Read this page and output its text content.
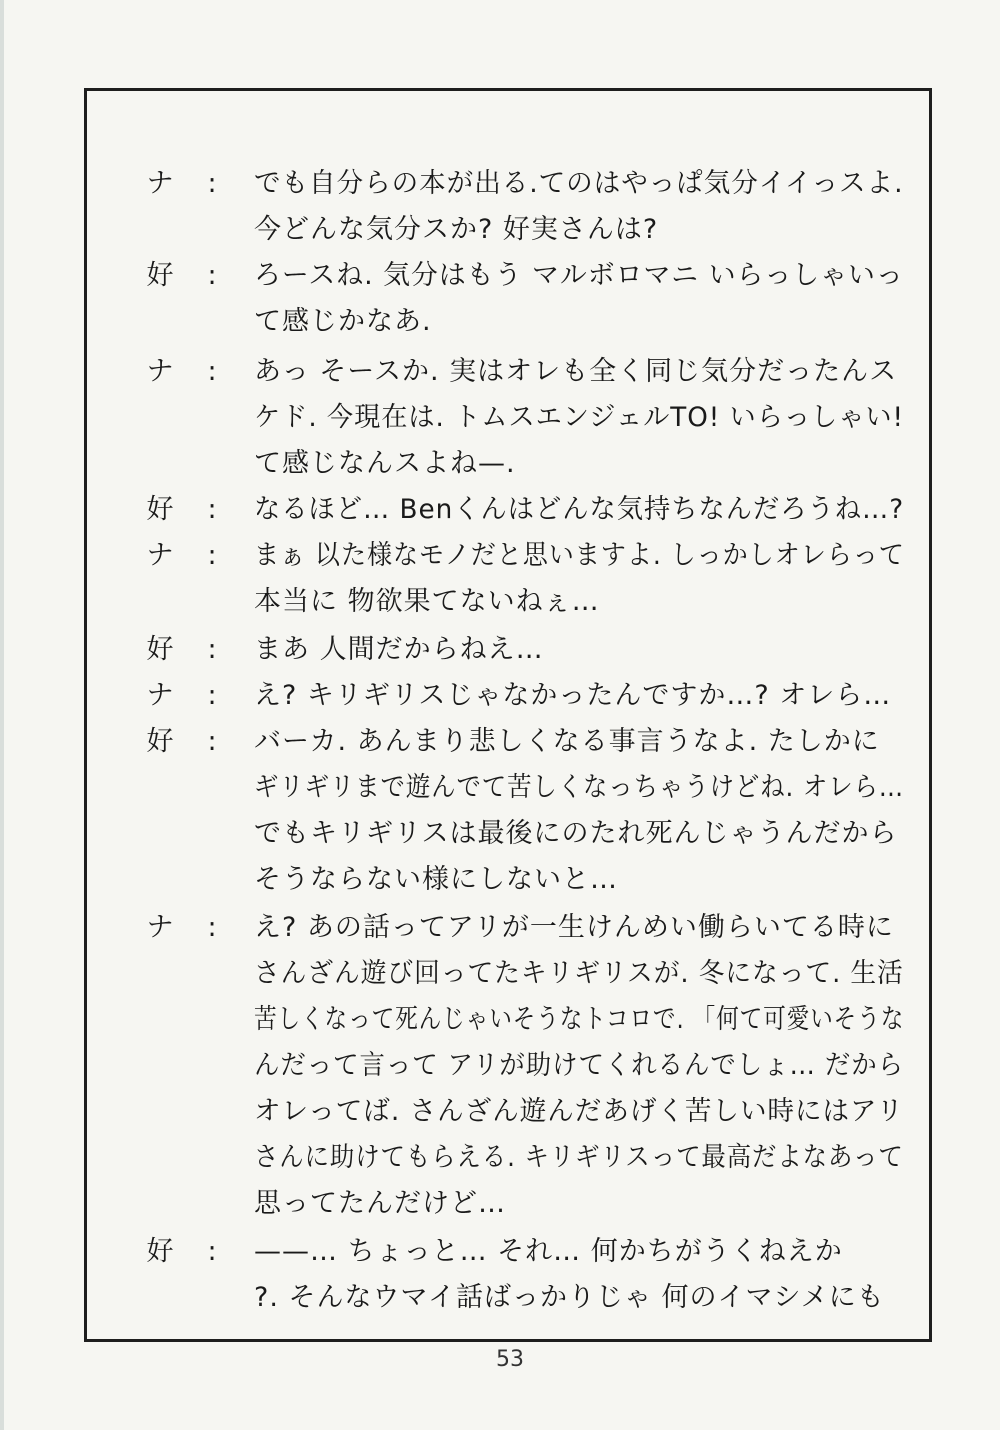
ナ : でも自分らの本が出る.てのはやっぱ気分イイっスよ.
今どんな気分スか? 好実さんは?
好 : ろースね. 気分はもう マルボロマニ いらっしゃいっ
て感じかなあ.
ナ : あっ そースか. 実はオレも全く同じ気分だったんス
ケド. 今現在は. トムスエンジェルTO! いらっしゃい!
て感じなんスよね—.
好 : なるほど… Benくんはどんな気持ちなんだろうね…?
ナ : まぁ 以た様なモノだと思いますよ. しっかしオレらって
本当に 物欲果てないねぇ…
好 : まあ 人間だからねえ…
ナ : え? キリギリスじゃなかったんですか…? オレら…
好 : バーカ. あんまり悲しくなる事言うなよ. たしかに
ギリギリまで遊んでて苦しくなっちゃうけどね. オレら…
でもキリギリスは最後にのたれ死んじゃうんだから
そうならない様にしないと…
ナ : え? あの話ってアリが一生けんめい働らいてる時に
さんざん遊び回ってたキリギリスが. 冬になって. 生活
苦しくなって死んじゃいそうなトコロで. 「何て可愛いそうな
んだって言って アリが助けてくれるんでしょ… だから
オレってば. さんざん遊んだあげく苦しい時にはアリ
さんに助けてもらえる. キリギリスって最高だよなあって
思ってたんだけど…
好 : ——… ちょっと… それ… 何かちがうくねえか
?. そんなウマイ話ばっかりじゃ 何のイマシメにも
53
